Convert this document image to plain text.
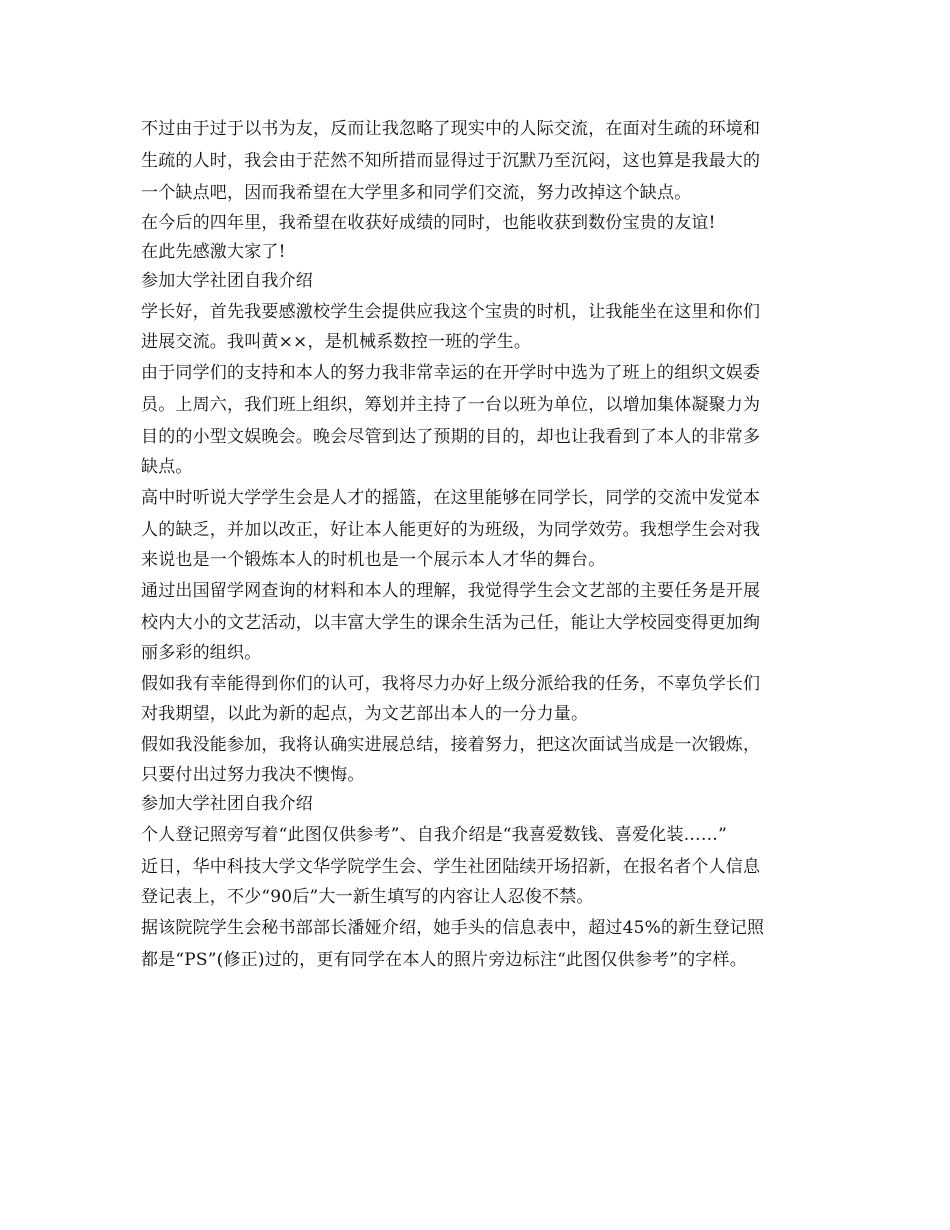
不过由于过于以书为友，反而让我忽略了现实中的人际交流，在面对生疏的环境和
生疏的人时，我会由于茫然不知所措而显得过于沉默乃至沉闷，这也算是我最大的
一个缺点吧，因而我希望在大学里多和同学们交流，努力改掉这个缺点。
在今后的四年里，我希望在收获好成绩的同时，也能收获到数份宝贵的友谊!
在此先感激大家了!
参加大学社团自我介绍
学长好，首先我要感激校学生会提供应我这个宝贵的时机，让我能坐在这里和你们
进展交流。我叫黄××，是机械系数控一班的学生。
由于同学们的支持和本人的努力我非常幸运的在开学时中选为了班上的组织文娱委
员。上周六，我们班上组织，筹划并主持了一台以班为单位，以增加集体凝聚力为
目的的小型文娱晚会。晚会尽管到达了预期的目的，却也让我看到了本人的非常多
缺点。
高中时听说大学学生会是人才的摇篮，在这里能够在同学长，同学的交流中发觉本
人的缺乏，并加以改正，好让本人能更好的为班级，为同学效劳。我想学生会对我
来说也是一个锻炼本人的时机也是一个展示本人才华的舞台。
通过出国留学网查询的材料和本人的理解，我觉得学生会文艺部的主要任务是开展
校内大小的文艺活动，以丰富大学生的课余生活为己任，能让大学校园变得更加绚
丽多彩的组织。
假如我有幸能得到你们的认可，我将尽力办好上级分派给我的任务，不辜负学长们
对我期望，以此为新的起点，为文艺部出本人的一分力量。
假如我没能参加，我将认确实进展总结，接着努力，把这次面试当成是一次锻炼，
只要付出过努力我决不懊悔。
参加大学社团自我介绍
个人登记照旁写着“此图仅供参考”、自我介绍是“我喜爱数钱、喜爱化装……”
近日，华中科技大学文华学院学生会、学生社团陆续开场招新，在报名者个人信息
登记表上，不少“90后”大一新生填写的内容让人忍俊不禁。
据该院院学生会秘书部部长潘娅介绍，她手头的信息表中，超过45%的新生登记照
都是“PS”(修正)过的，更有同学在本人的照片旁边标注“此图仅供参考”的字样。
